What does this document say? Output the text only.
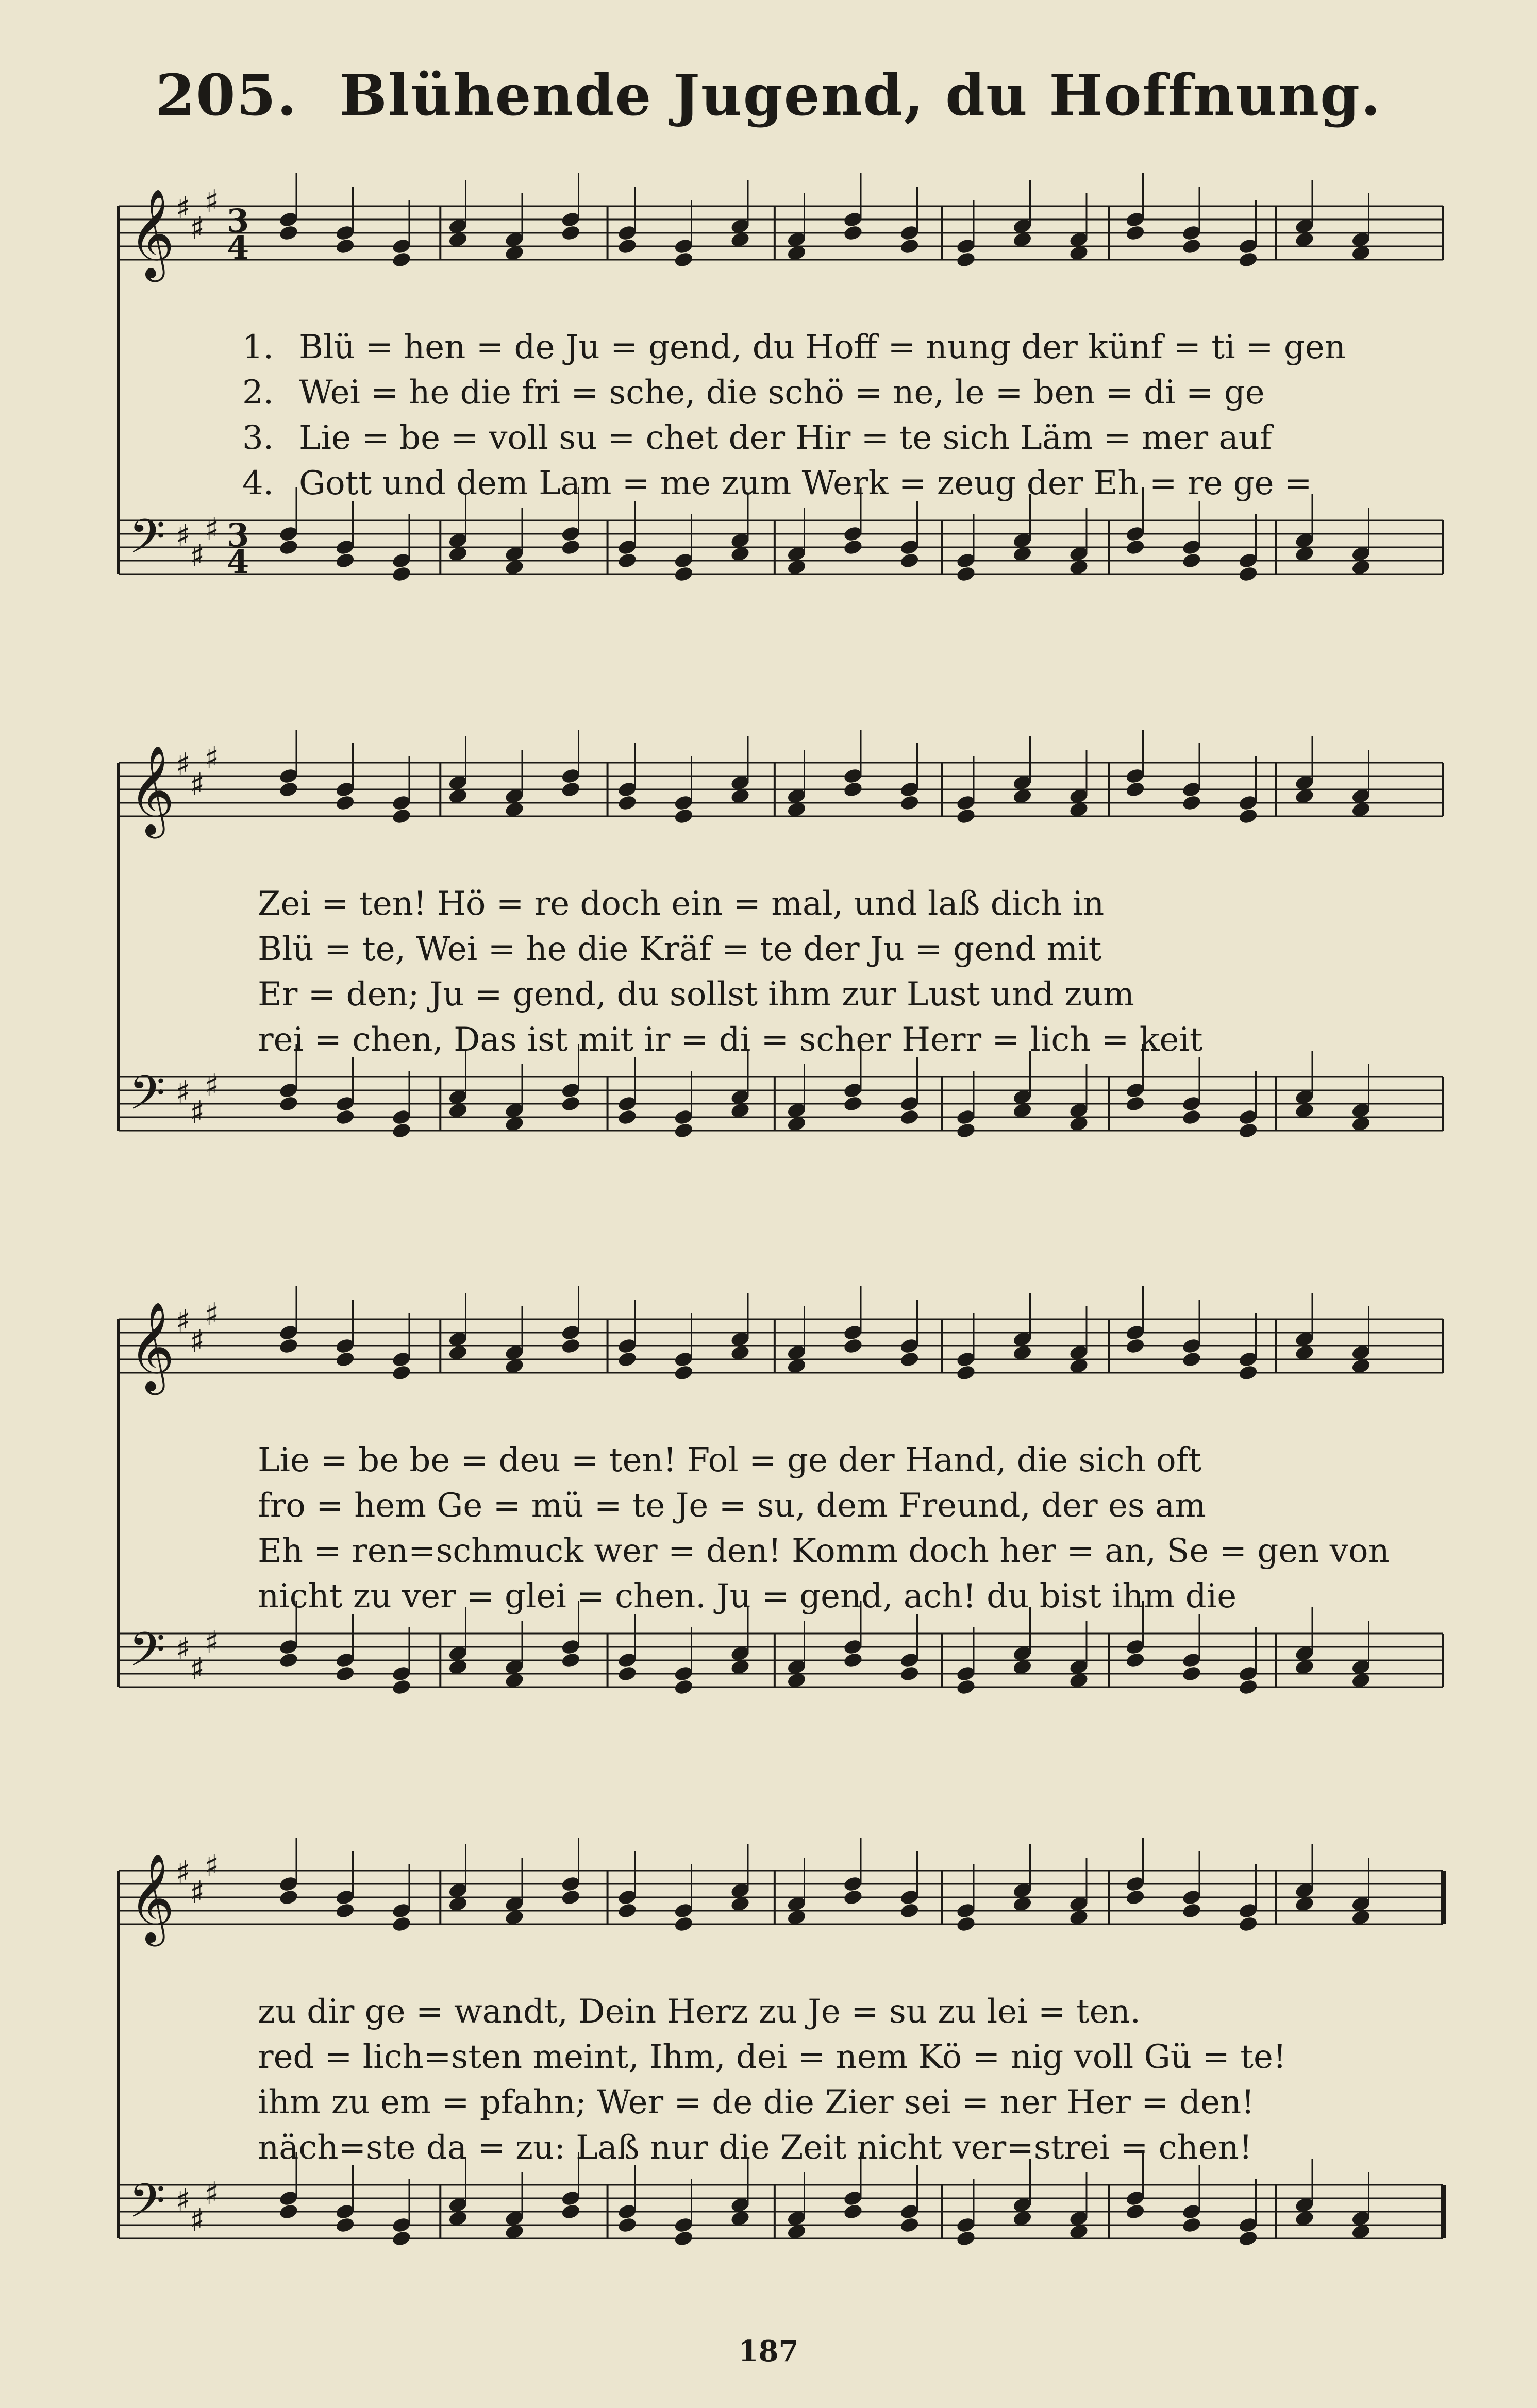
205. Blühende Jugend, du Hoffnung.
𝄞 ♯
♯
♯
3
4
𝄢 ♯
♯
♯ 3
4
1. Blü = hen = de Ju = gend, du Hoff = nung der künf = ti = gen
2. Wei = he die fri = sche, die schö = ne, le = ben = di = ge
3. Lie = be = voll su = chet der Hir = te sich Läm = mer auf
4. Gott und dem Lam = me zum Werk = zeug der Eh = re ge =
𝄞 ♯
♯
♯
𝄢 ♯
♯
♯
Zei = ten! Hö = re doch ein = mal, und laß dich in
Blü = te, Wei = he die Kräf = te der Ju = gend mit
Er = den; Ju = gend, du sollst ihm zur Lust und zum
rei = chen, Das ist mit ir = di = scher Herr = lich = keit
𝄞 ♯
♯
♯
𝄢 ♯
♯
♯
Lie = be be = deu = ten! Fol = ge der Hand, die sich oft
fro = hem Ge = mü = te Je = su, dem Freund, der es am
Eh = ren=schmuck wer = den! Komm doch her = an, Se = gen von
nicht zu ver = glei = chen. Ju = gend, ach! du bist ihm die
𝄞 ♯
♯
♯
𝄢 ♯
♯
♯
zu dir ge = wandt, Dein Herz zu Je = su zu lei = ten.
red = lich=sten meint, Ihm, dei = nem Kö = nig voll Gü = te!
ihm zu em = pfahn; Wer = de die Zier sei = ner Her = den!
näch=ste da = zu: Laß nur die Zeit nicht ver=strei = chen!
187
